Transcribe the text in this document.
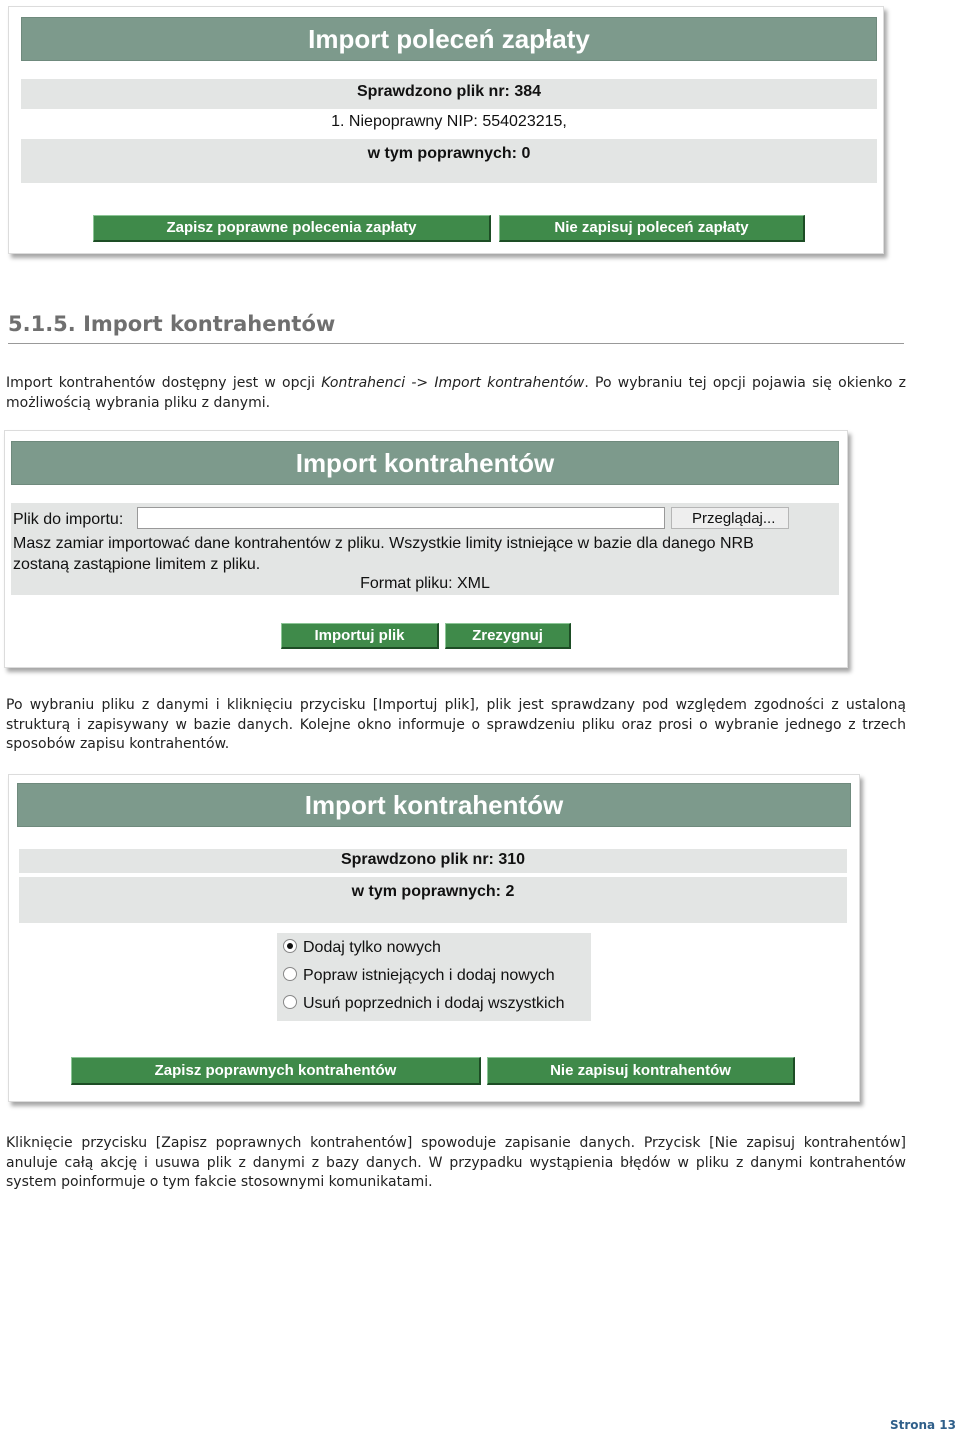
Import poleceń zapłaty
Sprawdzono plik nr: 384
1. Niepoprawny NIP: 554023215,
w tym poprawnych: 0
Zapisz poprawne polecenia zapłaty	Nie zapisuj poleceń zapłaty
5.1.5. Import kontrahentów
Import kontrahentów dostępny jest w opcji Kontrahenci -> Import kontrahentów. Po wybraniu tej opcji pojawia się okienko z możliwością wybrania pliku z danymi.
Import kontrahentów
Plik do importu:	Przeglądaj...
Masz zamiar importować dane kontrahentów z pliku. Wszystkie limity istniejące w bazie dla danego NRB zostaną zastąpione limitem z pliku.
Format pliku: XML
Importuj plik	Zrezygnuj
Po wybraniu pliku z danymi i kliknięciu przycisku [Importuj plik], plik jest sprawdzany pod względem zgodności z ustaloną strukturą i zapisywany w bazie danych. Kolejne okno informuje o sprawdzeniu pliku oraz prosi o wybranie jednego z trzech sposobów zapisu kontrahentów.
Import kontrahentów
Sprawdzono plik nr: 310
w tym poprawnych: 2
Dodaj tylko nowych
Popraw istniejących i dodaj nowych
Usuń poprzednich i dodaj wszystkich
Zapisz poprawnych kontrahentów	Nie zapisuj kontrahentów
Kliknięcie przycisku [Zapisz poprawnych kontrahentów] spowoduje zapisanie danych. Przycisk [Nie zapisuj kontrahentów] anuluje całą akcję i usuwa plik z danymi z bazy danych. W przypadku wystąpienia błędów w pliku z danymi kontrahentów system poinformuje o tym fakcie stosownymi komunikatami.
Strona 13
